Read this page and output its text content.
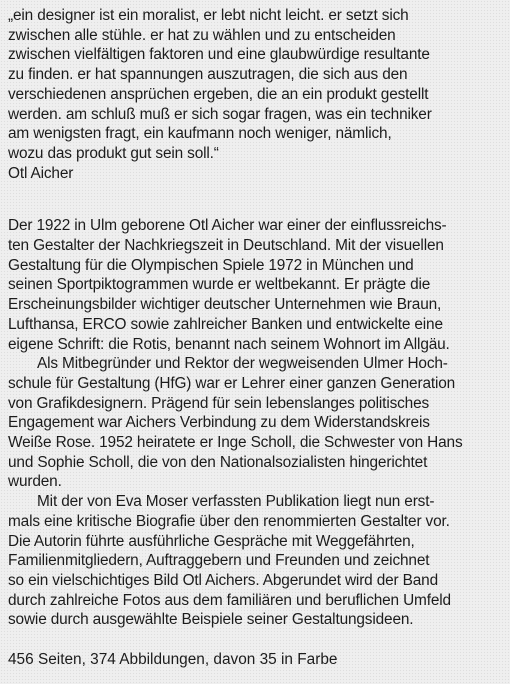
„ein designer ist ein moralist, er lebt nicht leicht. er setzt sich
zwischen alle stühle. er hat zu wählen und zu entscheiden
zwischen vielfältigen faktoren und eine glaubwürdige resultante
zu finden. er hat spannungen auszutragen, die sich aus den
verschiedenen ansprüchen ergeben, die an ein produkt gestellt
werden. am schluß muß er sich sogar fragen, was ein techniker
am wenigsten fragt, ein kaufmann noch weniger, nämlich,
wozu das produkt gut sein soll.“
Otl Aicher
Der 1922 in Ulm geborene Otl Aicher war einer der einflussreichs-
ten Gestalter der Nachkriegszeit in Deutschland. Mit der visuellen
Gestaltung für die Olympischen Spiele 1972 in München und
seinen Sportpiktogrammen wurde er weltbekannt. Er prägte die
Erscheinungsbilder wichtiger deutscher Unternehmen wie Braun,
Lufthansa, ERCO sowie zahlreicher Banken und entwickelte eine
eigene Schrift: die Rotis, benannt nach seinem Wohnort im Allgäu.
Als Mitbegründer und Rektor der wegweisenden Ulmer Hoch-
schule für Gestaltung (HfG) war er Lehrer einer ganzen Generation
von Grafikdesignern. Prägend für sein lebenslanges politisches
Engagement war Aichers Verbindung zu dem Widerstandskreis
Weiße Rose. 1952 heiratete er Inge Scholl, die Schwester von Hans
und Sophie Scholl, die von den Nationalsozialisten hingerichtet
wurden.
Mit der von Eva Moser verfassten Publikation liegt nun erst-
mals eine kritische Biografie über den renommierten Gestalter vor.
Die Autorin führte ausführliche Gespräche mit Weggefährten,
Familienmitgliedern, Auftraggebern und Freunden und zeichnet
so ein vielschichtiges Bild Otl Aichers. Abgerundet wird der Band
durch zahlreiche Fotos aus dem familiären und beruflichen Umfeld
sowie durch ausgewählte Beispiele seiner Gestaltungsideen.
456 Seiten, 374 Abbildungen, davon 35 in Farbe
